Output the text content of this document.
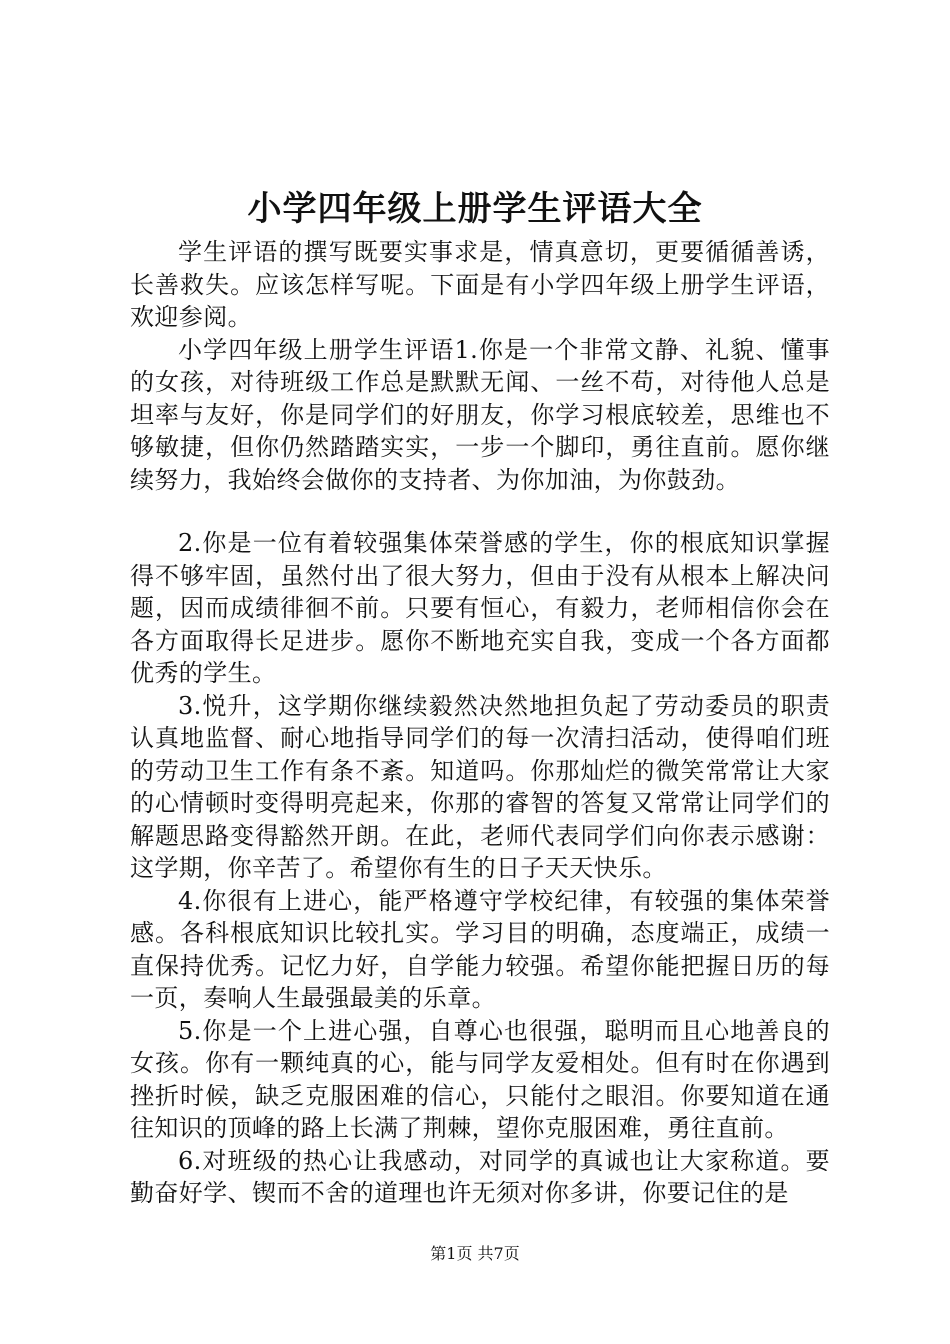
小学四年级上册学生评语大全

学生评语的撰写既要实事求是，情真意切，更要循循善诱，长善救失。应该怎样写呢。下面是有小学四年级上册学生评语，欢迎参阅。

小学四年级上册学生评语1.你是一个非常文静、礼貌、懂事的女孩，对待班级工作总是默默无闻、一丝不苟，对待他人总是坦率与友好，你是同学们的好朋友，你学习根底较差，思维也不够敏捷，但你仍然踏踏实实，一步一个脚印，勇往直前。愿你继续努力，我始终会做你的支持者、为你加油，为你鼓劲。

2.你是一位有着较强集体荣誉感的学生，你的根底知识掌握得不够牢固，虽然付出了很大努力，但由于没有从根本上解决问题，因而成绩徘徊不前。只要有恒心，有毅力，老师相信你会在各方面取得长足进步。愿你不断地充实自我，变成一个各方面都优秀的学生。

3.悦升，这学期你继续毅然决然地担负起了劳动委员的职责认真地监督、耐心地指导同学们的每一次清扫活动，使得咱们班的劳动卫生工作有条不紊。知道吗。你那灿烂的微笑常常让大家的心情顿时变得明亮起来，你那的睿智的答复又常常让同学们的解题思路变得豁然开朗。在此，老师代表同学们向你表示感谢：这学期，你辛苦了。希望你有生的日子天天快乐。

4.你很有上进心，能严格遵守学校纪律，有较强的集体荣誉感。各科根底知识比较扎实。学习目的明确，态度端正，成绩一直保持优秀。记忆力好，自学能力较强。希望你能把握日历的每一页，奏响人生最强最美的乐章。

5.你是一个上进心强，自尊心也很强，聪明而且心地善良的女孩。你有一颗纯真的心，能与同学友爱相处。但有时在你遇到挫折时候，缺乏克服困难的信心，只能付之眼泪。你要知道在通往知识的顶峰的路上长满了荆棘，望你克服困难，勇往直前。

6.对班级的热心让我感动，对同学的真诚也让大家称道。要勤奋好学、锲而不舍的道理也许无须对你多讲，你要记住的是

第1页 共7页
